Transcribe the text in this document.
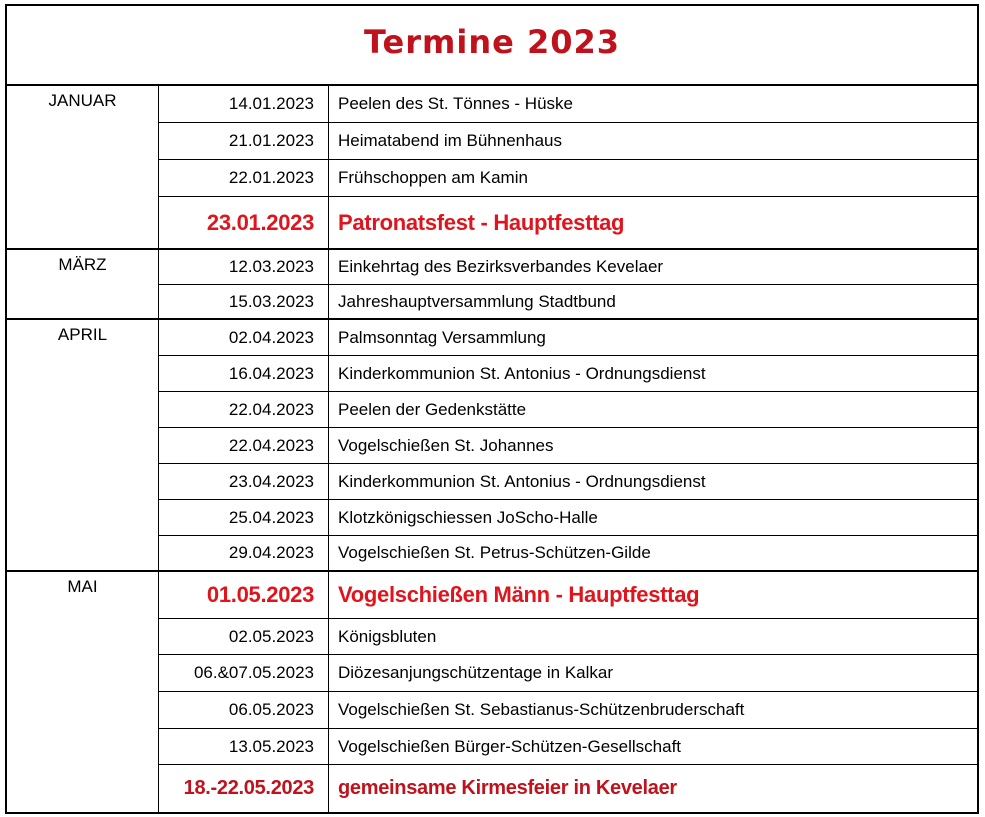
Termine 2023
JANUAR	14.01.2023	Peelen des St. Tönnes - Hüske
21.01.2023	Heimatabend im Bühnenhaus
22.01.2023	Frühschoppen am Kamin
23.01.2023	Patronatsfest - Hauptfesttag
MÄRZ	12.03.2023	Einkehrtag des Bezirksverbandes Kevelaer
15.03.2023	Jahreshauptversammlung Stadtbund
APRIL	02.04.2023	Palmsonntag Versammlung
16.04.2023	Kinderkommunion St. Antonius - Ordnungsdienst
22.04.2023	Peelen der Gedenkstätte
22.04.2023	Vogelschießen St. Johannes
23.04.2023	Kinderkommunion St. Antonius - Ordnungsdienst
25.04.2023	Klotzkönigschiessen JoScho-Halle
29.04.2023	Vogelschießen St. Petrus-Schützen-Gilde
MAI	01.05.2023	Vogelschießen Männ - Hauptfesttag
02.05.2023	Königsbluten
06.&07.05.2023	Diözesanjungschützentage in Kalkar
06.05.2023	Vogelschießen St. Sebastianus-Schützenbruderschaft
13.05.2023	Vogelschießen Bürger-Schützen-Gesellschaft
18.-22.05.2023	gemeinsame Kirmesfeier in Kevelaer
